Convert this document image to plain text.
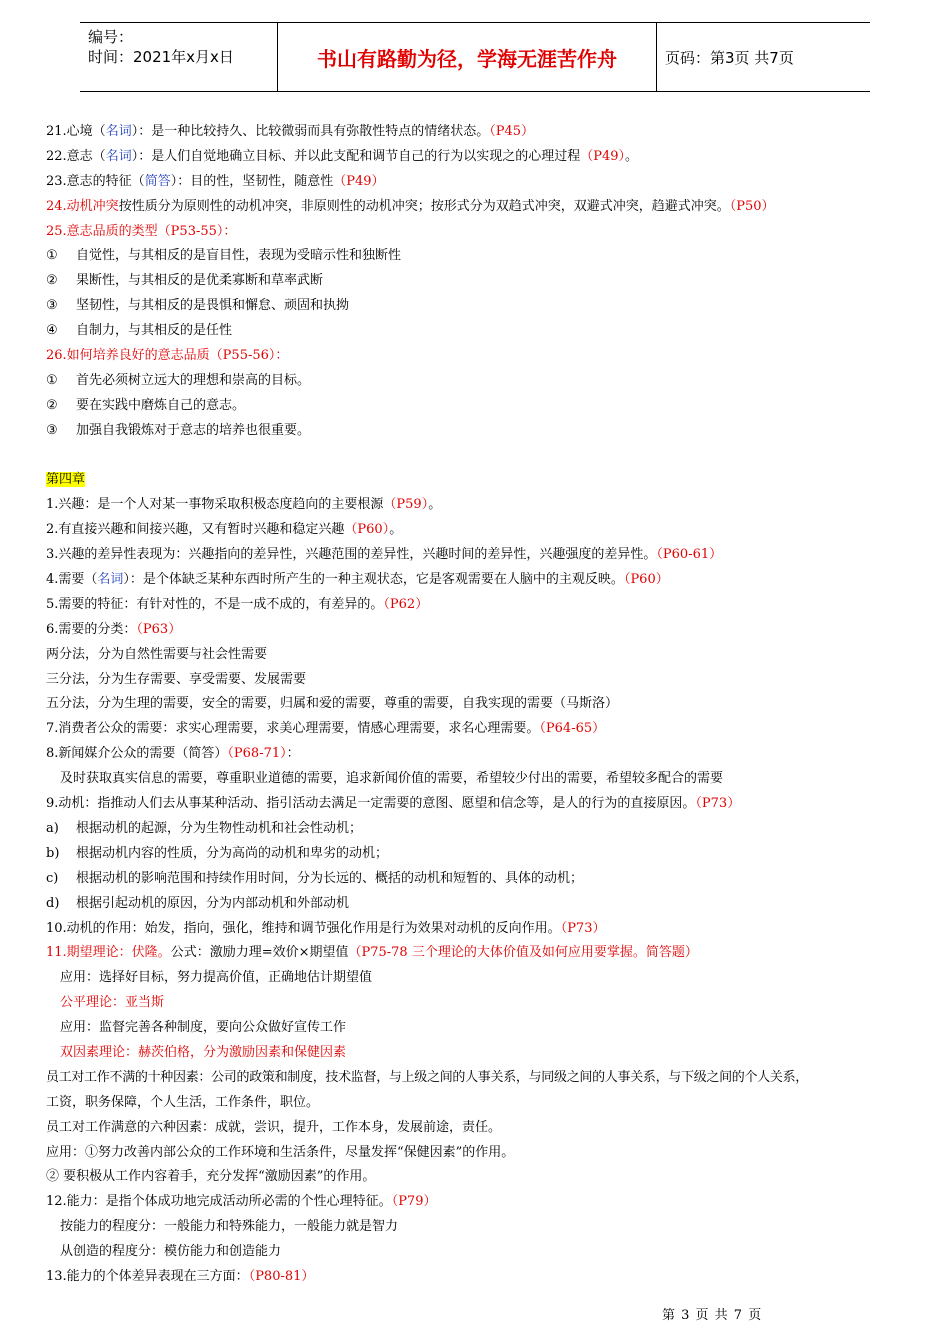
编号：
时间：2021年x月x日	书山有路勤为径，学海无涯苦作舟	页码：第3页 共7页
21.心境（名词）：是一种比较持久、比较微弱而具有弥散性特点的情绪状态。（P45）
22.意志（名词）：是人们自觉地确立目标、并以此支配和调节自己的行为以实现之的心理过程（P49）。
23.意志的特征（简答）：目的性，坚韧性，随意性（P49）
24.动机冲突按性质分为原则性的动机冲突，非原则性的动机冲突；按形式分为双趋式冲突，双避式冲突，趋避式冲突。（P50）
25.意志品质的类型（P53-55）：
① 自觉性，与其相反的是盲目性，表现为受暗示性和独断性
② 果断性，与其相反的是优柔寡断和草率武断
③ 坚韧性，与其相反的是畏惧和懈怠、顽固和执拗
④ 自制力，与其相反的是任性
26.如何培养良好的意志品质（P55-56）：
① 首先必须树立远大的理想和崇高的目标。
② 要在实践中磨炼自己的意志。
③ 加强自我锻炼对于意志的培养也很重要。
第四章
1.兴趣：是一个人对某一事物采取积极态度趋向的主要根源（P59）。
2.有直接兴趣和间接兴趣，又有暂时兴趣和稳定兴趣（P60）。
3.兴趣的差异性表现为：兴趣指向的差异性，兴趣范围的差异性，兴趣时间的差异性，兴趣强度的差异性。（P60-61）
4.需要（名词）：是个体缺乏某种东西时所产生的一种主观状态，它是客观需要在人脑中的主观反映。（P60）
5.需要的特征：有针对性的，不是一成不成的，有差异的。（P62）
6.需要的分类：（P63）
两分法，分为自然性需要与社会性需要
三分法，分为生存需要、享受需要、发展需要
五分法，分为生理的需要，安全的需要，归属和爱的需要，尊重的需要，自我实现的需要（马斯洛）
7.消费者公众的需要：求实心理需要，求美心理需要，情感心理需要，求名心理需要。（P64-65）
8.新闻媒介公众的需要（简答）（P68-71）：
及时获取真实信息的需要，尊重职业道德的需要，追求新闻价值的需要，希望较少付出的需要，希望较多配合的需要
9.动机：指推动人们去从事某种活动、指引活动去满足一定需要的意图、愿望和信念等，是人的行为的直接原因。（P73）
a) 根据动机的起源，分为生物性动机和社会性动机；
b) 根据动机内容的性质，分为高尚的动机和卑劣的动机；
c) 根据动机的影响范围和持续作用时间，分为长远的、概括的动机和短暂的、具体的动机；
d) 根据引起动机的原因，分为内部动机和外部动机
10.动机的作用：始发，指向，强化，维持和调节强化作用是行为效果对动机的反向作用。（P73）
11.期望理论：伏隆。公式：激励力理=效价×期望值（P75-78 三个理论的大体价值及如何应用要掌握。简答题）
应用：选择好目标，努力提高价值，正确地估计期望值
公平理论：亚当斯
应用：监督完善各种制度，要向公众做好宣传工作
双因素理论：赫茨伯格，分为激励因素和保健因素
员工对工作不满的十种因素：公司的政策和制度，技术监督，与上级之间的人事关系，与同级之间的人事关系，与下级之间的个人关系，
工资，职务保障，个人生活，工作条件，职位。
员工对工作满意的六种因素：成就，尝识，提升，工作本身，发展前途，责任。
应用：①努力改善内部公众的工作环境和生活条件，尽量发挥“保健因素”的作用。
② 要积极从工作内容着手，充分发挥“激励因素”的作用。
12.能力：是指个体成功地完成活动所必需的个性心理特征。（P79）
按能力的程度分：一般能力和特殊能力，一般能力就是智力
从创造的程度分：模仿能力和创造能力
13.能力的个体差异表现在三方面：（P80-81）
第 3 页 共 7 页
